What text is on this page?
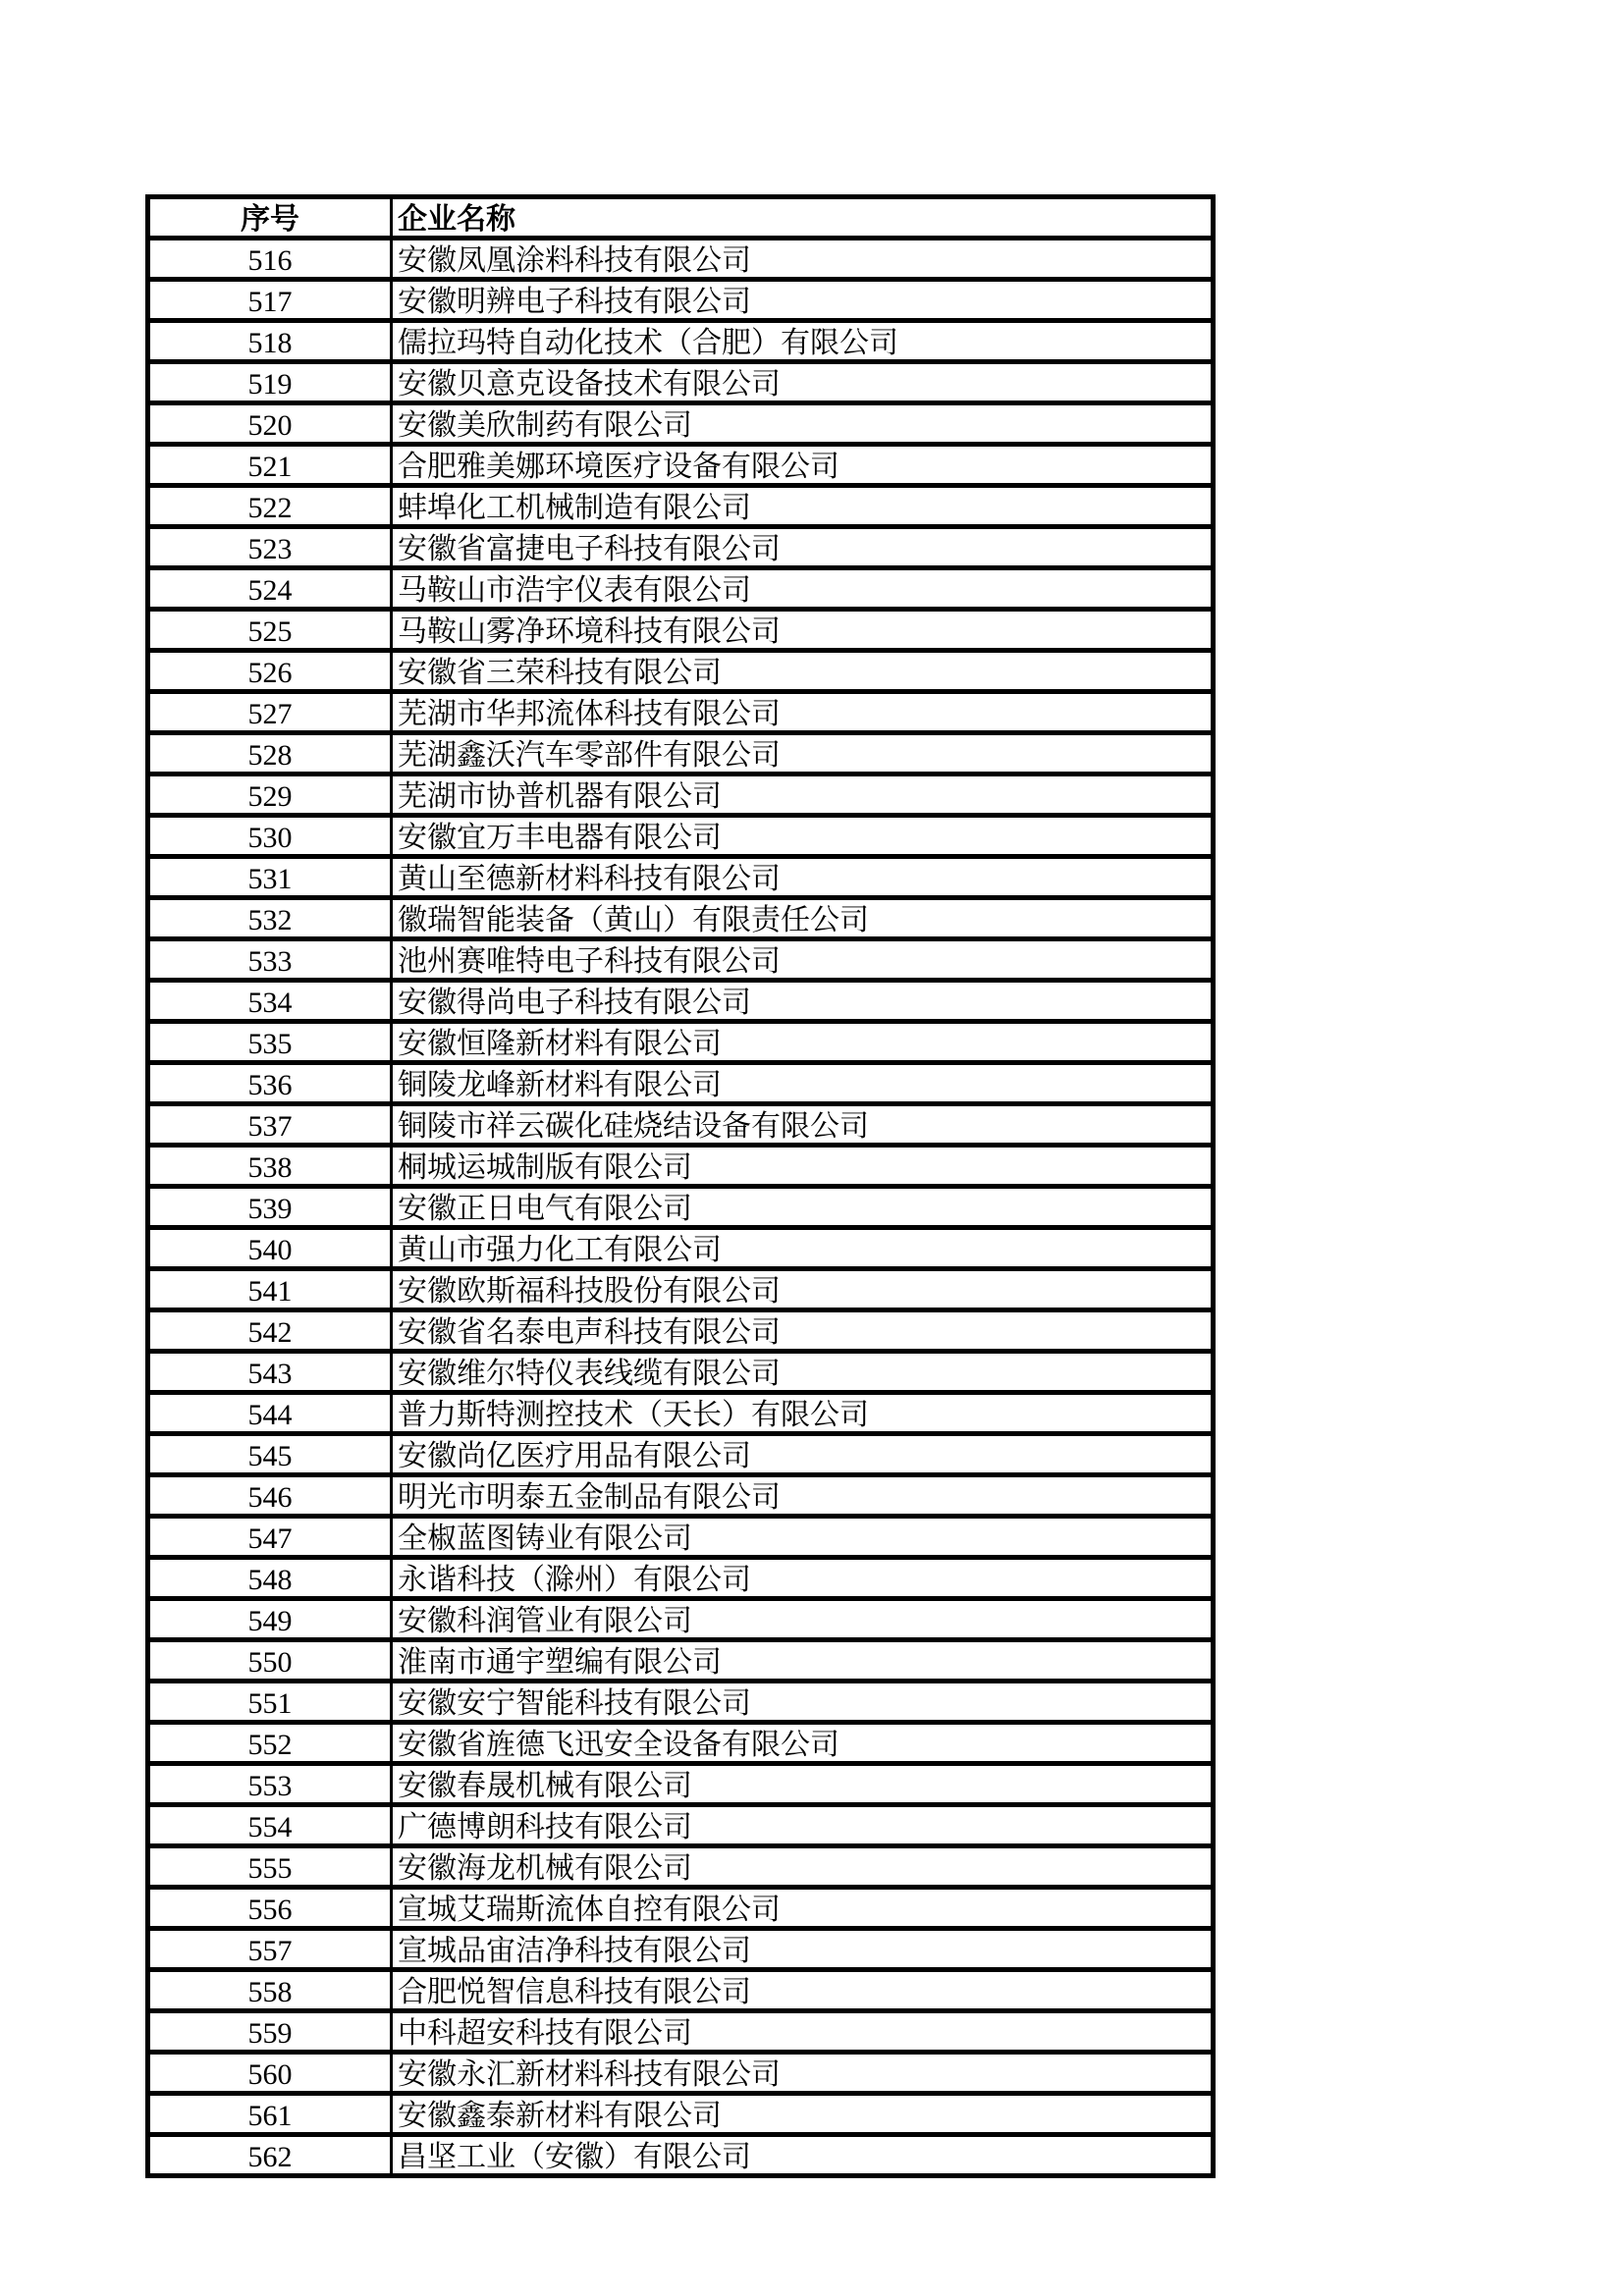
序号	企业名称
516	安徽凤凰涂料科技有限公司
517	安徽明辨电子科技有限公司
518	儒拉玛特自动化技术（合肥）有限公司
519	安徽贝意克设备技术有限公司
520	安徽美欣制药有限公司
521	合肥雅美娜环境医疗设备有限公司
522	蚌埠化工机械制造有限公司
523	安徽省富捷电子科技有限公司
524	马鞍山市浩宇仪表有限公司
525	马鞍山雾净环境科技有限公司
526	安徽省三荣科技有限公司
527	芜湖市华邦流体科技有限公司
528	芜湖鑫沃汽车零部件有限公司
529	芜湖市协普机器有限公司
530	安徽宜万丰电器有限公司
531	黄山至德新材料科技有限公司
532	徽瑞智能装备（黄山）有限责任公司
533	池州赛唯特电子科技有限公司
534	安徽得尚电子科技有限公司
535	安徽恒隆新材料有限公司
536	铜陵龙峰新材料有限公司
537	铜陵市祥云碳化硅烧结设备有限公司
538	桐城运城制版有限公司
539	安徽正日电气有限公司
540	黄山市强力化工有限公司
541	安徽欧斯福科技股份有限公司
542	安徽省名泰电声科技有限公司
543	安徽维尔特仪表线缆有限公司
544	普力斯特测控技术（天长）有限公司
545	安徽尚亿医疗用品有限公司
546	明光市明泰五金制品有限公司
547	全椒蓝图铸业有限公司
548	永谐科技（滁州）有限公司
549	安徽科润管业有限公司
550	淮南市通宇塑编有限公司
551	安徽安宁智能科技有限公司
552	安徽省旌德飞迅安全设备有限公司
553	安徽春晟机械有限公司
554	广德博朗科技有限公司
555	安徽海龙机械有限公司
556	宣城艾瑞斯流体自控有限公司
557	宣城品宙洁净科技有限公司
558	合肥悦智信息科技有限公司
559	中科超安科技有限公司
560	安徽永汇新材料科技有限公司
561	安徽鑫泰新材料有限公司
562	昌坚工业（安徽）有限公司
